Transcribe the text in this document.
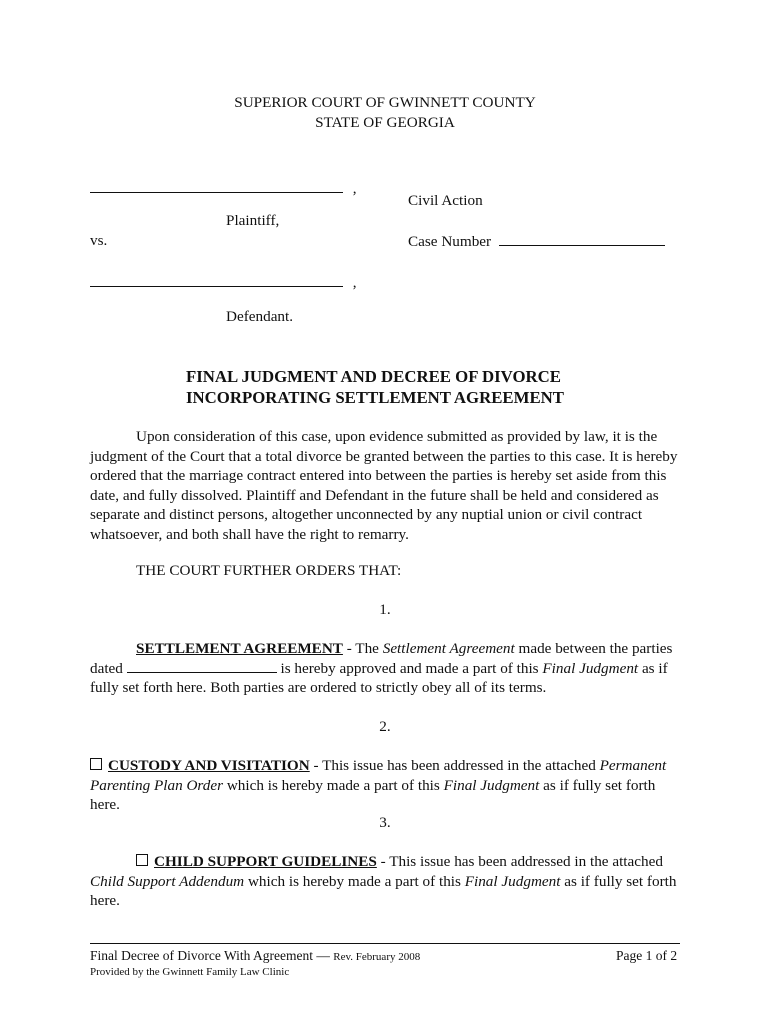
SUPERIOR COURT OF GWINNETT COUNTY
STATE OF GEORGIA
,
Plaintiff,
vs.
,
Defendant.
Civil Action
Case Number
FINAL JUDGMENT AND DECREE OF DIVORCE
INCORPORATING SETTLEMENT AGREEMENT
Upon consideration of this case, upon evidence submitted as provided by law, it is the judgment of the Court that a total divorce be granted between the parties to this case. It is hereby ordered that the marriage contract entered into between the parties is hereby set aside from this date, and fully dissolved. Plaintiff and Defendant in the future shall be held and considered as separate and distinct persons, altogether unconnected by any nuptial union or civil contract whatsoever, and both shall have the right to remarry.
THE COURT FURTHER ORDERS THAT:
1.
SETTLEMENT AGREEMENT - The Settlement Agreement made between the parties dated	is hereby approved and made a part of this Final Judgment as if fully set forth here. Both parties are ordered to strictly obey all of its terms.
2.
CUSTODY AND VISITATION - This issue has been addressed in the attached Permanent Parenting Plan Order which is hereby made a part of this Final Judgment as if fully set forth here.
3.
CHILD SUPPORT GUIDELINES - This issue has been addressed in the attached Child Support Addendum which is hereby made a part of this Final Judgment as if fully set forth here.
Final Decree of Divorce With Agreement — Rev. February 2008
Provided by the Gwinnett Family Law Clinic
Page 1 of 2
